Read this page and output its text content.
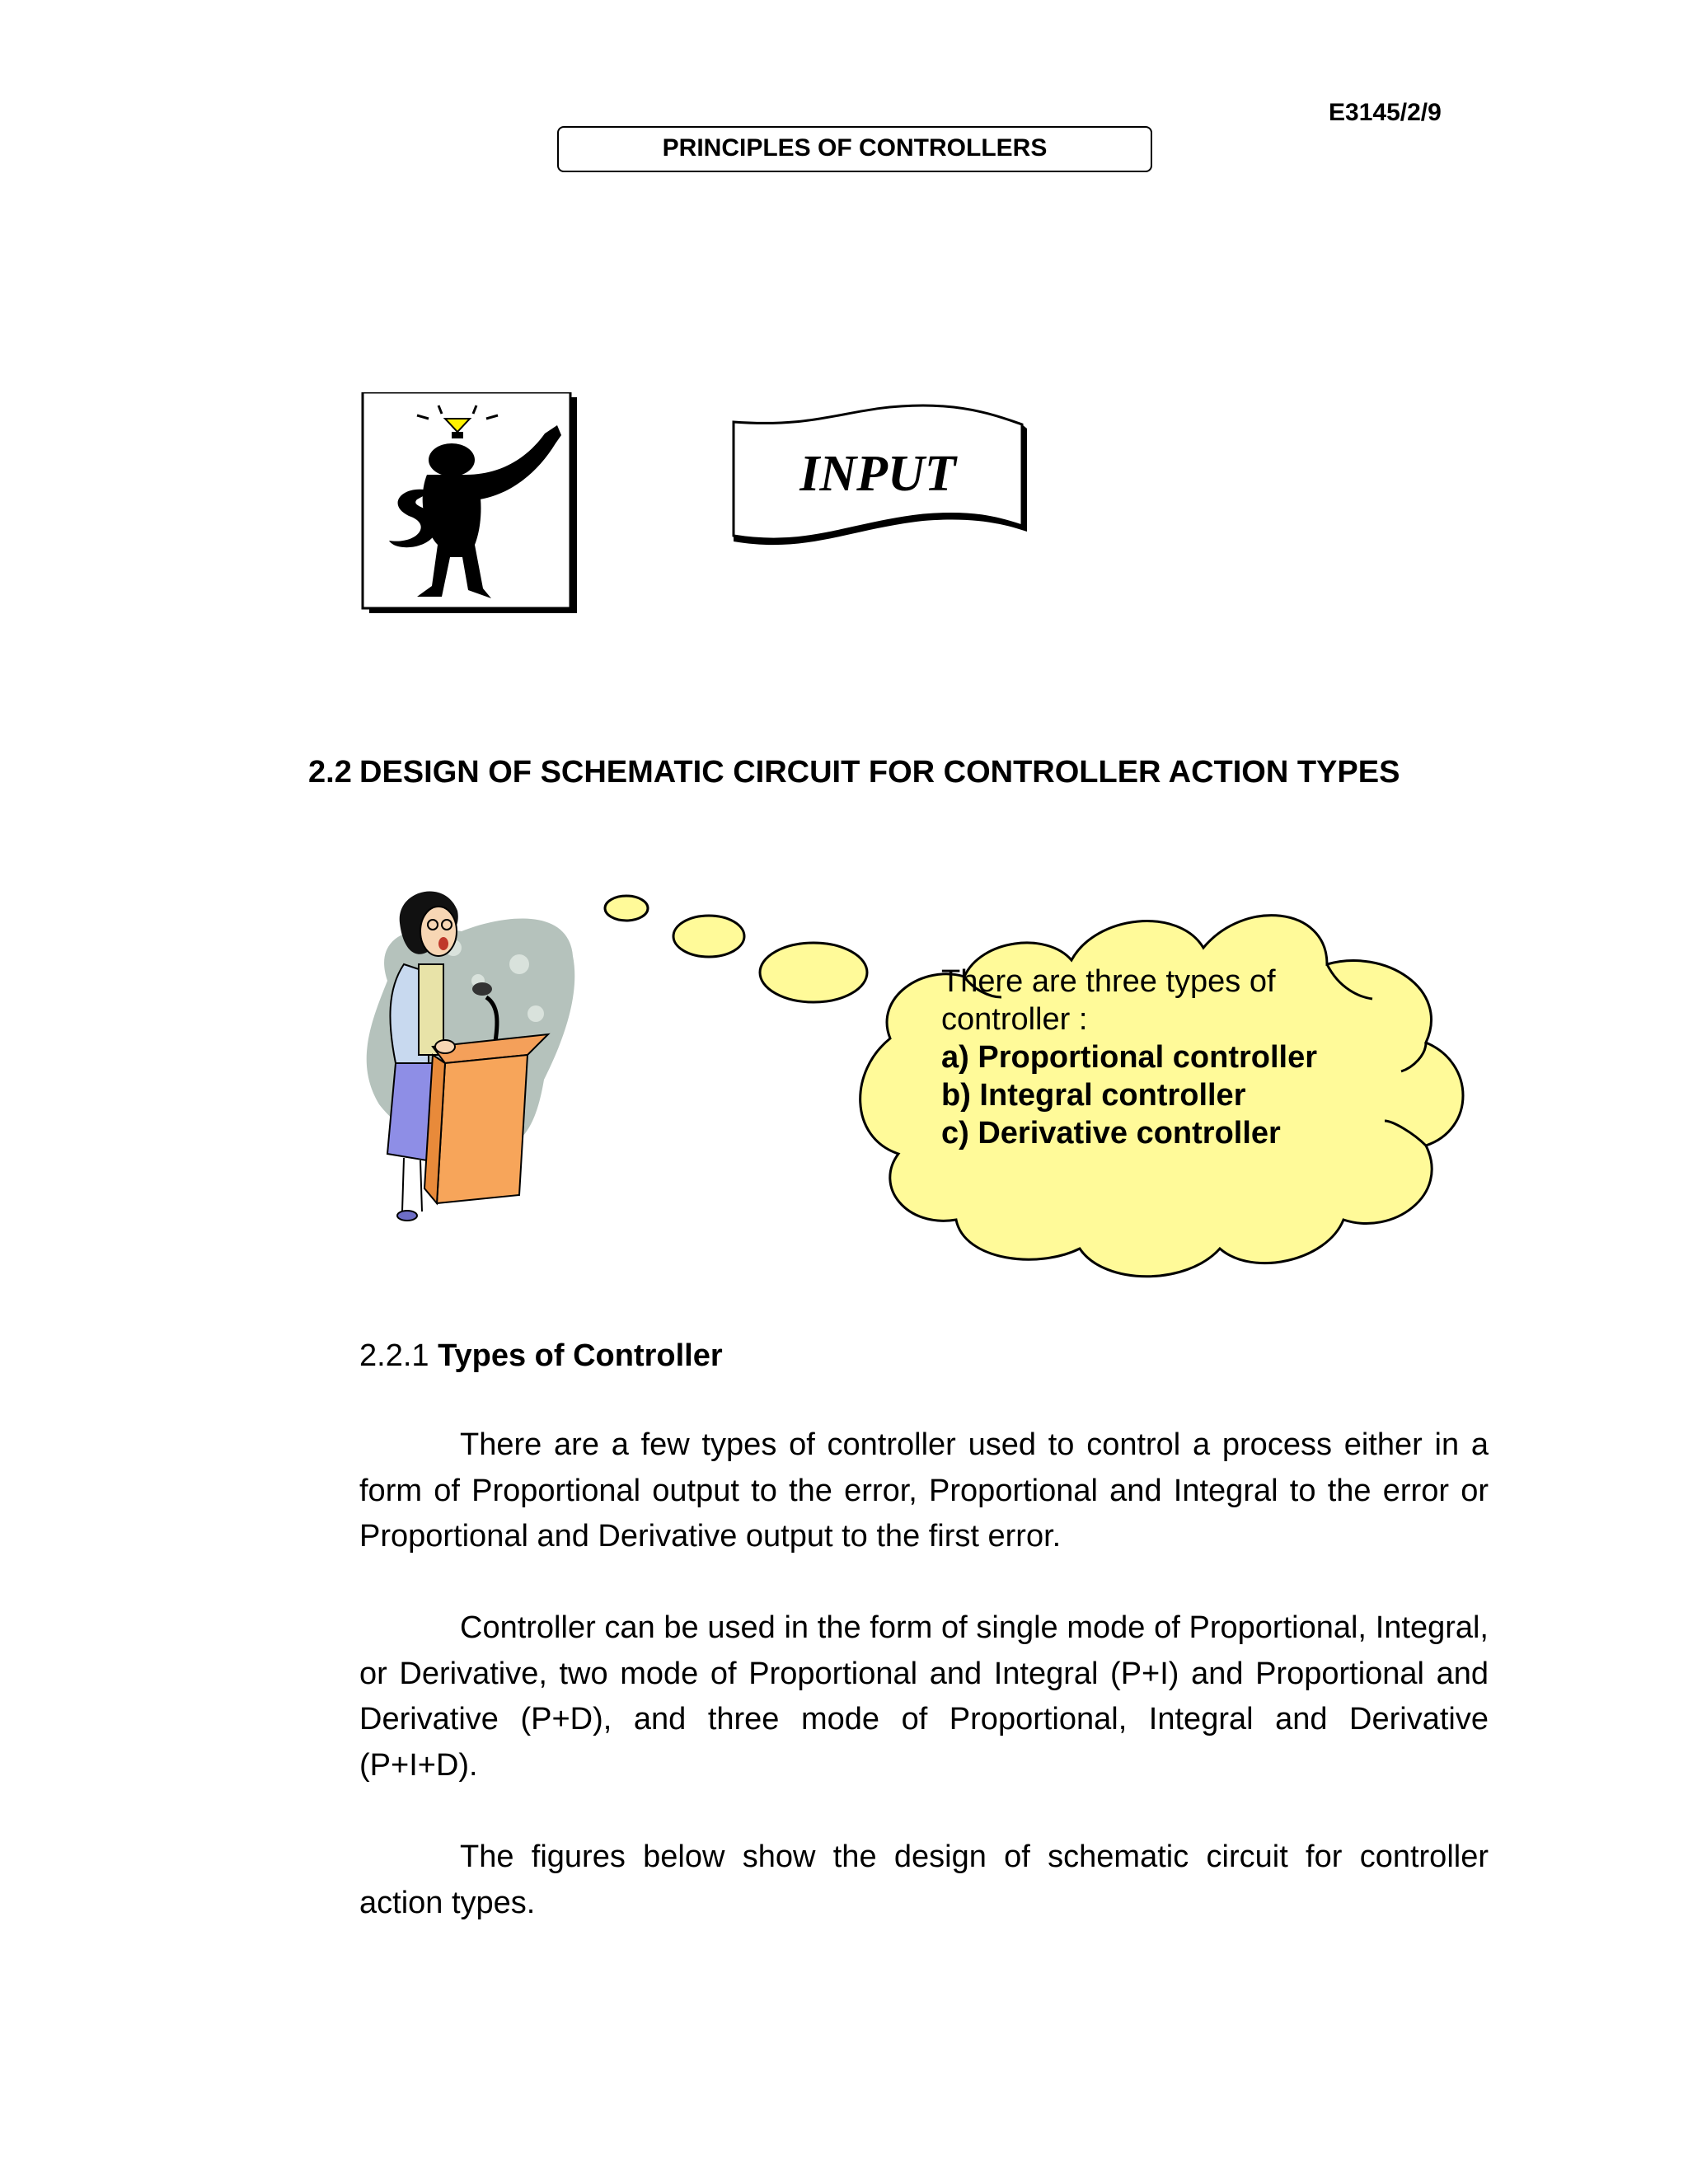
E3145/2/9
PRINCIPLES OF CONTROLLERS
INPUT
2.2 DESIGN OF SCHEMATIC CIRCUIT FOR CONTROLLER ACTION TYPES
There are three types of
controller :
a) Proportional controller
b) Integral controller
c) Derivative controller
2.2.1 Types of Controller

There are a few types of controller used to control a process either in a form of Proportional output to the error, Proportional and Integral to the error or Proportional and Derivative output to the first error.

Controller can be used in the form of single mode of Proportional, Integral, or Derivative, two mode of Proportional and Integral (P+I) and Proportional and Derivative (P+D), and three mode of Proportional, Integral and Derivative (P+I+D).

The figures below show the design of schematic circuit for controller action types.
